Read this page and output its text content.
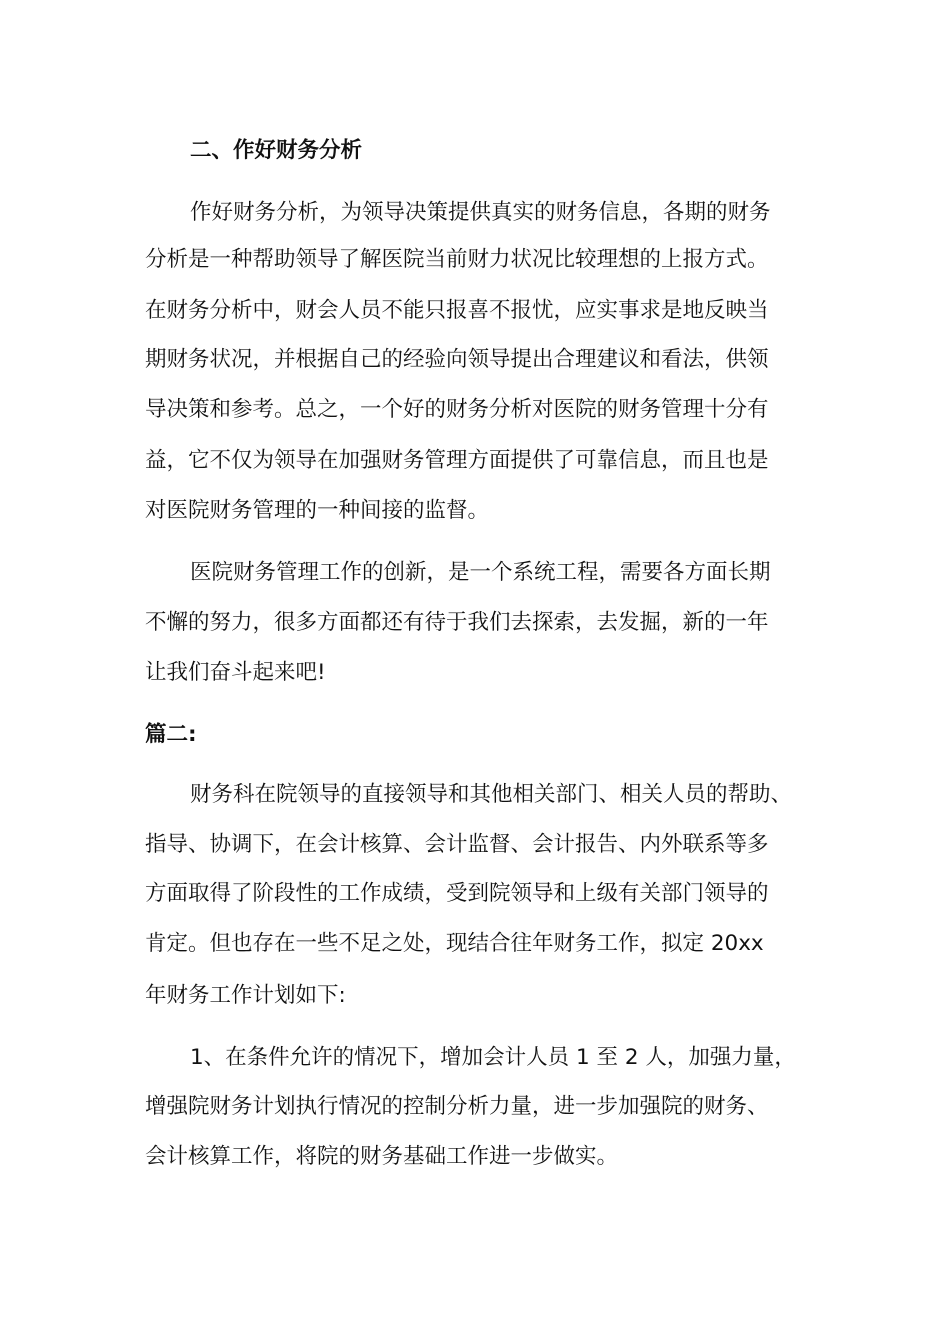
二、作好财务分析
作好财务分析，为领导决策提供真实的财务信息，各期的财务
分析是一种帮助领导了解医院当前财力状况比较理想的上报方式。
在财务分析中，财会人员不能只报喜不报忧，应实事求是地反映当
期财务状况，并根据自己的经验向领导提出合理建议和看法，供领
导决策和参考。总之，一个好的财务分析对医院的财务管理十分有
益，它不仅为领导在加强财务管理方面提供了可靠信息，而且也是
对医院财务管理的一种间接的监督。
医院财务管理工作的创新，是一个系统工程，需要各方面长期
不懈的努力，很多方面都还有待于我们去探索，去发掘，新的一年
让我们奋斗起来吧!
篇二:
财务科在院领导的直接领导和其他相关部门、相关人员的帮助、
指导、协调下，在会计核算、会计监督、会计报告、内外联系等多
方面取得了阶段性的工作成绩，受到院领导和上级有关部门领导的
肯定。但也存在一些不足之处，现结合往年财务工作，拟定 20xx
年财务工作计划如下:
1、在条件允许的情况下，增加会计人员 1 至 2 人，加强力量，
增强院财务计划执行情况的控制分析力量，进一步加强院的财务、
会计核算工作，将院的财务基础工作进一步做实。
